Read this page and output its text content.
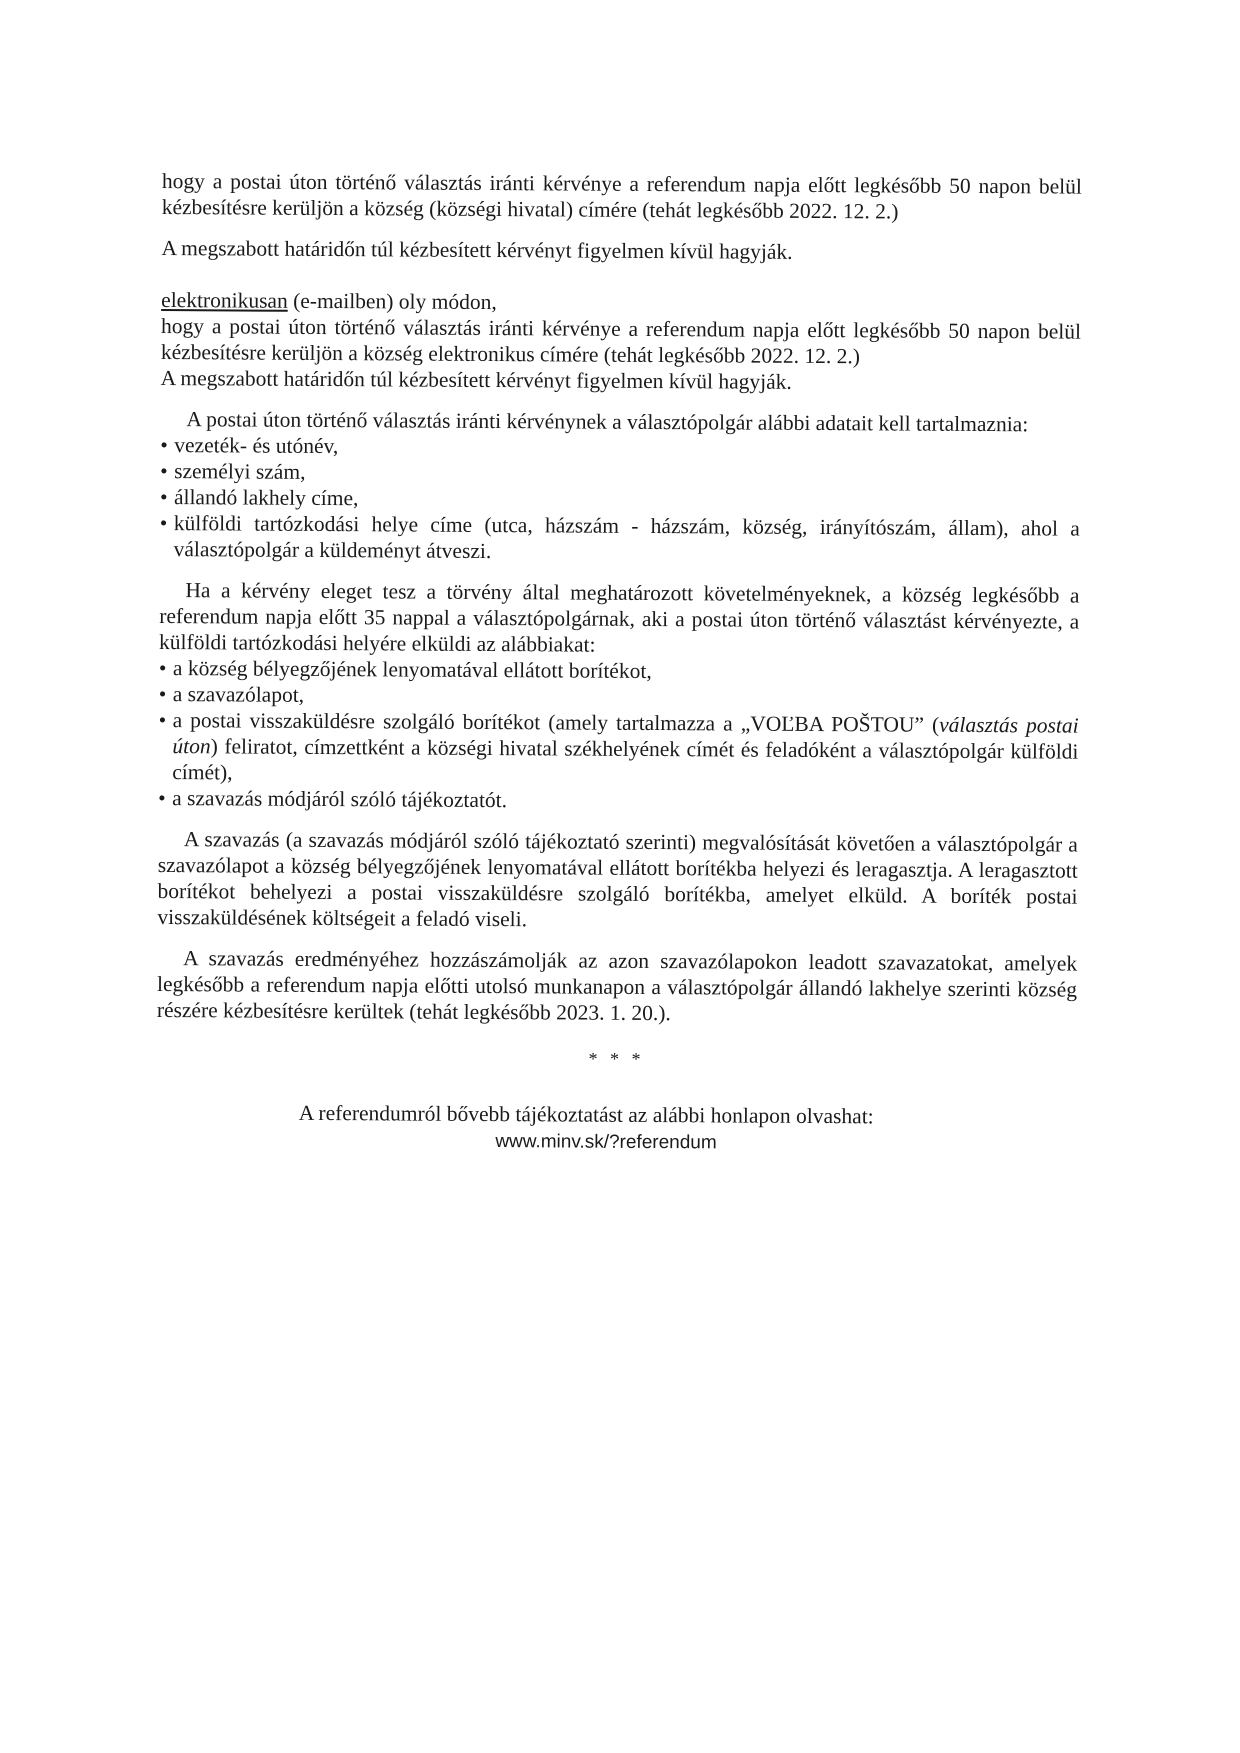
hogy a postai úton történő választás iránti kérvénye a referendum napja előtt legkésőbb 50 napon belül kézbesítésre kerüljön a község (községi hivatal) címére (tehát legkésőbb 2022. 12. 2.)

A megszabott határidőn túl kézbesített kérvényt figyelmen kívül hagyják.

elektronikusan (e-mailben) oly módon,

hogy a postai úton történő választás iránti kérvénye a referendum napja előtt legkésőbb 50 napon belül kézbesítésre kerüljön a község elektronikus címére (tehát legkésőbb 2022. 12. 2.)

A megszabott határidőn túl kézbesített kérvényt figyelmen kívül hagyják.

A postai úton történő választás iránti kérvénynek a választópolgár alábbi adatait kell tartalmaznia:

• vezeték- és utónév,
• személyi szám,
• állandó lakhely címe,
• külföldi tartózkodási helye címe (utca, házszám - házszám, község, irányítószám, állam), ahol a választópolgár a küldeményt átveszi.

Ha a kérvény eleget tesz a törvény által meghatározott követelményeknek, a község legkésőbb a referendum napja előtt 35 nappal a választópolgárnak, aki a postai úton történő választást kérvényezte, a külföldi tartózkodási helyére elküldi az alábbiakat:

• a község bélyegzőjének lenyomatával ellátott borítékot,
• a szavazólapot,
• a postai visszaküldésre szolgáló borítékot (amely tartalmazza a „VOĽBA POŠTOU” (választás postai úton) feliratot, címzettként a községi hivatal székhelyének címét és feladóként a választópolgár külföldi címét),
• a szavazás módjáról szóló tájékoztatót.

A szavazás (a szavazás módjáról szóló tájékoztató szerinti) megvalósítását követően a választópolgár a szavazólapot a község bélyegzőjének lenyomatával ellátott borítékba helyezi és leragasztja. A leragasztott borítékot behelyezi a postai visszaküldésre szolgáló borítékba, amelyet elküld. A boríték postai visszaküldésének költségeit a feladó viseli.

A szavazás eredményéhez hozzászámolják az azon szavazólapokon leadott szavazatokat, amelyek legkésőbb a referendum napja előtti utolsó munkanapon a választópolgár állandó lakhelye szerinti község részére kézbesítésre kerültek (tehát legkésőbb 2023. 1. 20.).

* * *
A referendumról bővebb tájékoztatást az alábbi honlapon olvashat:
www.minv.sk/?referendum
